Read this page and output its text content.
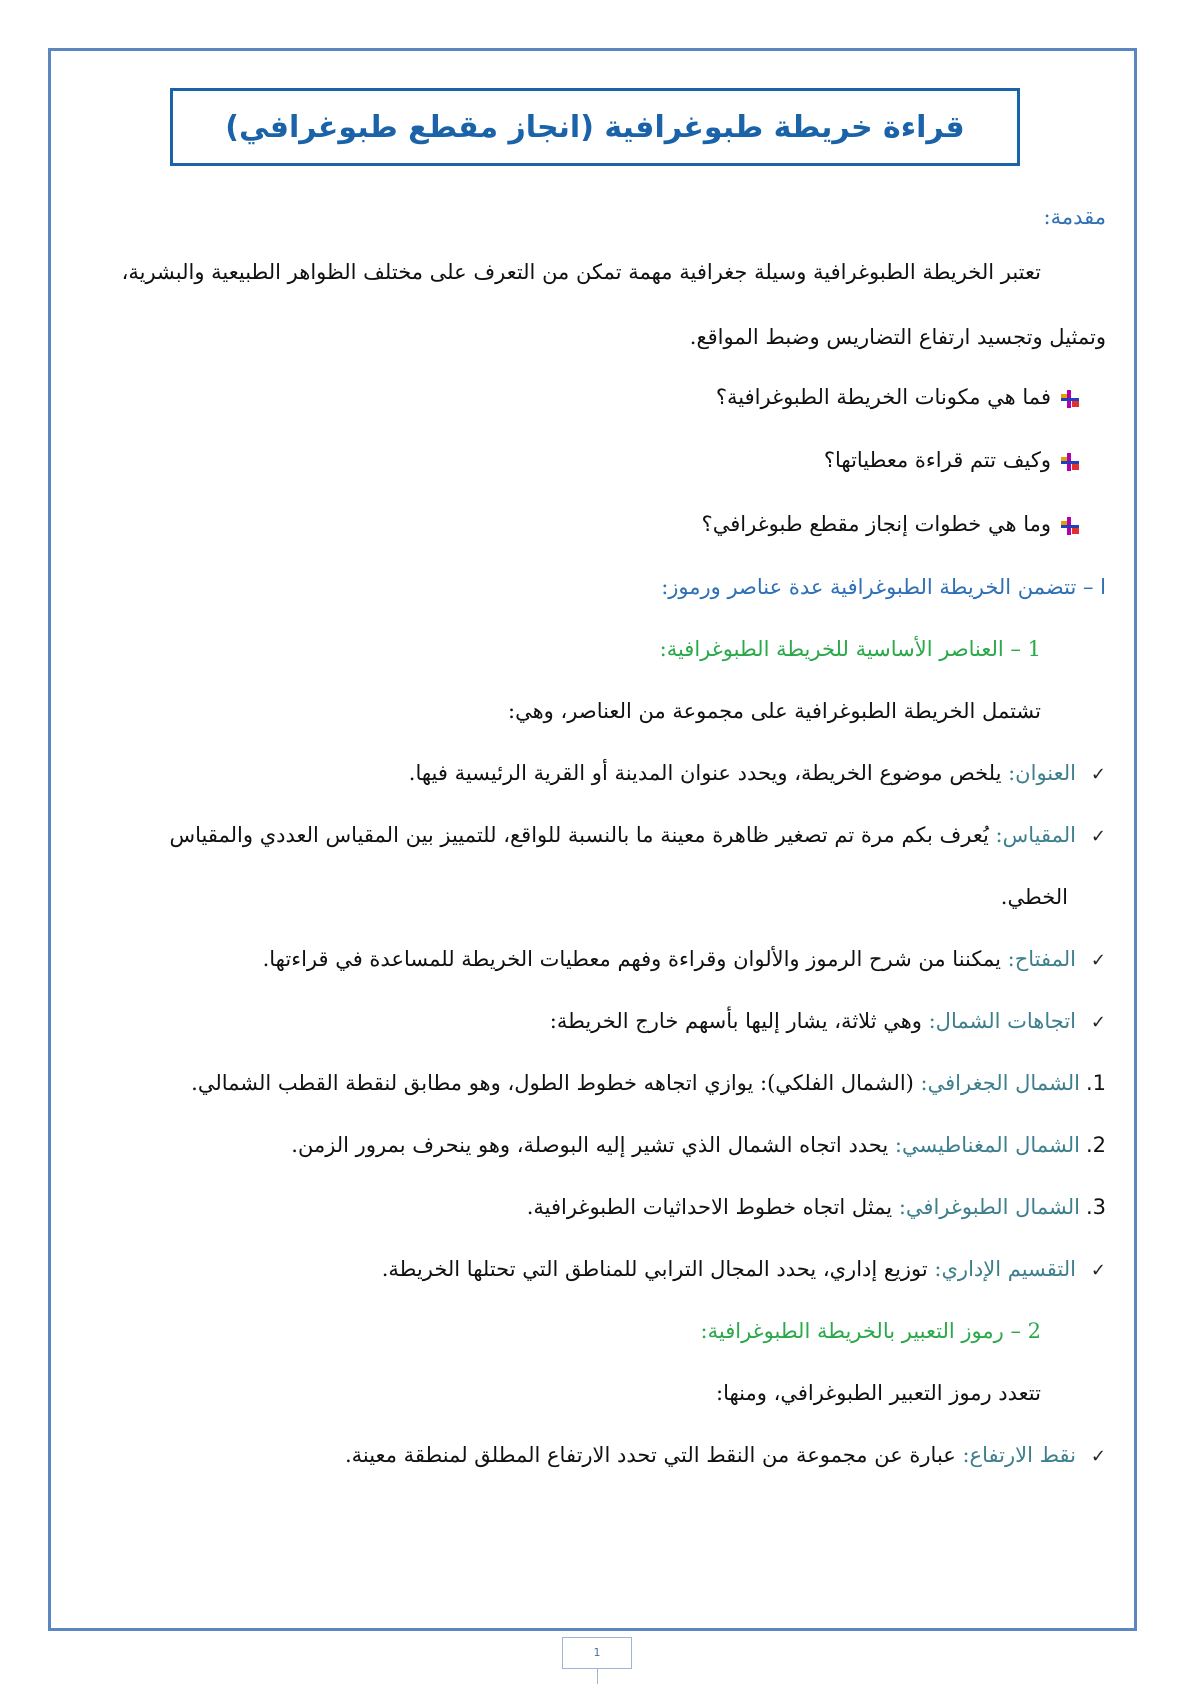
قراءة خريطة طبوغرافية (انجاز مقطع طبوغرافي)
مقدمة:
تعتبر الخريطة الطبوغرافية وسيلة جغرافية مهمة تمكن من التعرف على مختلف الظواهر الطبيعية والبشرية،
وتمثيل وتجسيد ارتفاع التضاريس وضبط المواقع.
فما هي مكونات الخريطة الطبوغرافية؟
وكيف تتم قراءة معطياتها؟
وما هي خطوات إنجاز مقطع طبوغرافي؟
ا – تتضمن الخريطة الطبوغرافية عدة عناصر ورموز:
1 – العناصر الأساسية للخريطة الطبوغرافية:
تشتمل الخريطة الطبوغرافية على مجموعة من العناصر، وهي:
✓العنوان: يلخص موضوع الخريطة، ويحدد عنوان المدينة أو القرية الرئيسية فيها.
✓المقياس: يُعرف بكم مرة تم تصغير ظاهرة معينة ما بالنسبة للواقع، للتمييز بين المقياس العددي والمقياس
الخطي.
✓المفتاح: يمكننا من شرح الرموز والألوان وقراءة وفهم معطيات الخريطة للمساعدة في قراءتها.
✓اتجاهات الشمال: وهي ثلاثة، يشار إليها بأسهم خارج الخريطة:
1.الشمال الجغرافي: (الشمال الفلكي): يوازي اتجاهه خطوط الطول، وهو مطابق لنقطة القطب الشمالي.
2.الشمال المغناطيسي: يحدد اتجاه الشمال الذي تشير إليه البوصلة، وهو ينحرف بمرور الزمن.
3.الشمال الطبوغرافي: يمثل اتجاه خطوط الاحداثيات الطبوغرافية.
✓التقسيم الإداري: توزيع إداري، يحدد المجال الترابي للمناطق التي تحتلها الخريطة.
2 – رموز التعبير بالخريطة الطبوغرافية:
تتعدد رموز التعبير الطبوغرافي، ومنها:
✓نقط الارتفاع: عبارة عن مجموعة من النقط التي تحدد الارتفاع المطلق لمنطقة معينة.
1
